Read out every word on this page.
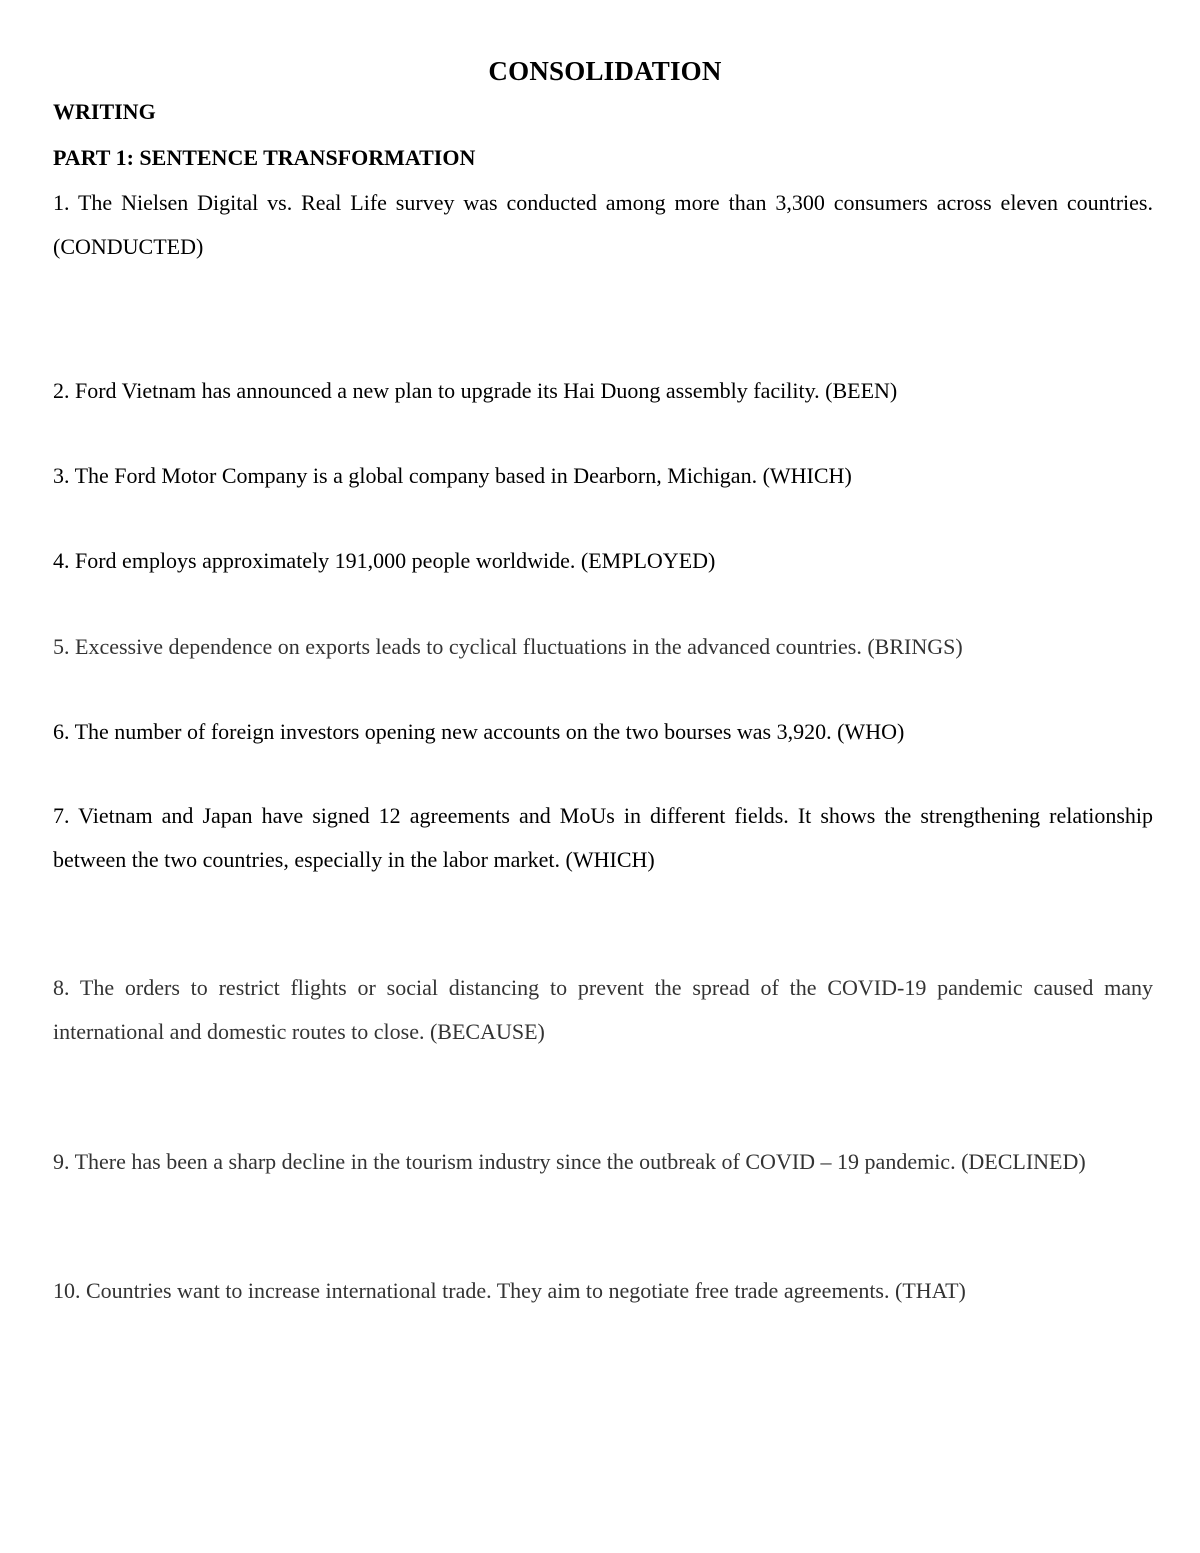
CONSOLIDATION
WRITING
PART 1: SENTENCE TRANSFORMATION
1. The Nielsen Digital vs. Real Life survey was conducted among more than 3,300 consumers across eleven countries. (CONDUCTED)
2. Ford Vietnam has announced a new plan to upgrade its Hai Duong assembly facility. (BEEN)
3. The Ford Motor Company is a global company based in Dearborn, Michigan. (WHICH)
4. Ford employs approximately 191,000 people worldwide. (EMPLOYED)
5. Excessive dependence on exports leads to cyclical fluctuations in the advanced countries. (BRINGS)
6. The number of foreign investors opening new accounts on the two bourses was 3,920. (WHO)
7. Vietnam and Japan have signed 12 agreements and MoUs in different fields. It shows the strengthening relationship between the two countries, especially in the labor market. (WHICH)
8. The orders to restrict flights or social distancing to prevent the spread of the COVID-19 pandemic caused many international and domestic routes to close. (BECAUSE)
9. There has been a sharp decline in the tourism industry since the outbreak of COVID – 19 pandemic. (DECLINED)
10. Countries want to increase international trade. They aim to negotiate free trade agreements. (THAT)
